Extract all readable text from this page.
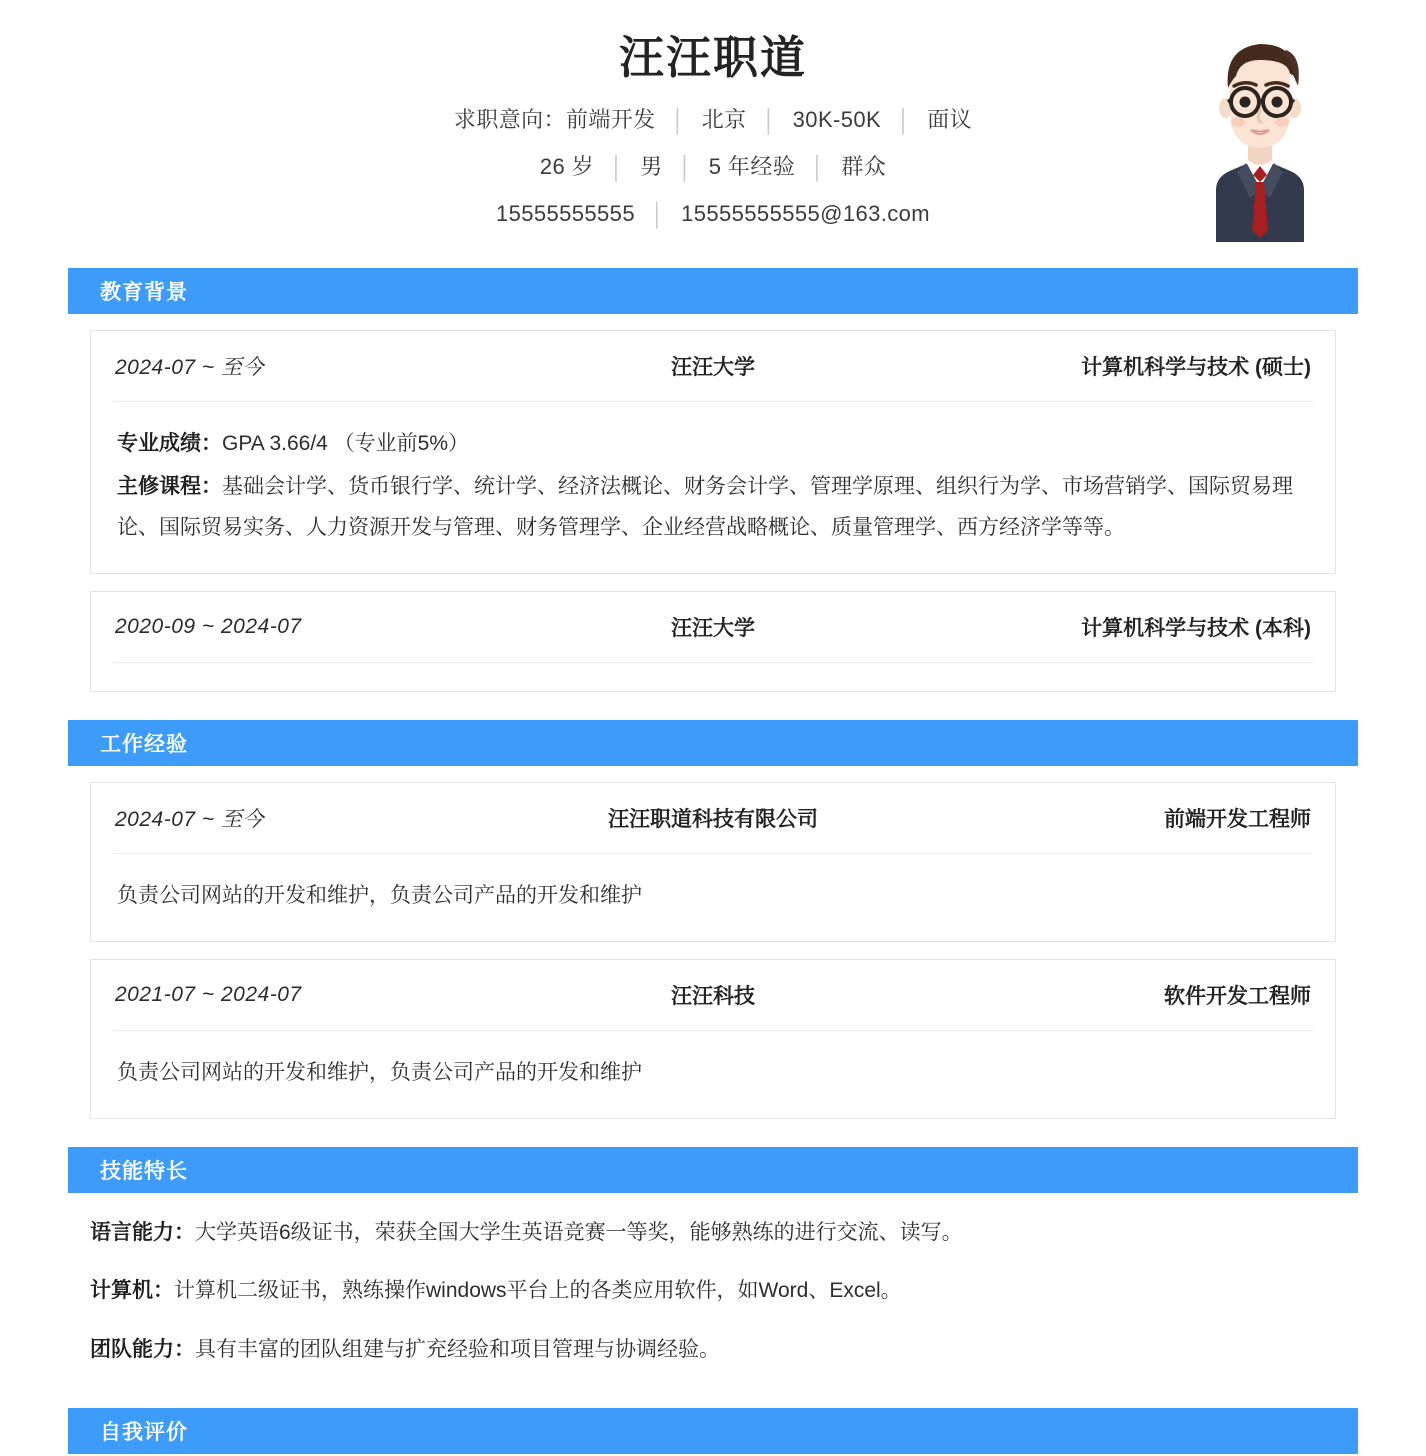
汪汪职道
求职意向：前端开发 │ 北京 │ 30K-50K │ 面议
26 岁 │ 男 │ 5 年经验 │ 群众
15555555555 │ 15555555555@163.com
教育背景
2024-07 ~ 至今	汪汪大学	计算机科学与技术 (硕士)

专业成绩：GPA 3.66/4 （专业前5%）

主修课程：基础会计学、货币银行学、统计学、经济法概论、财务会计学、管理学原理、组织行为学、市场营销学、国际贸易理论、国际贸易实务、人力资源开发与管理、财务管理学、企业经营战略概论、质量管理学、西方经济学等等。

2020-09 ~ 2024-07	汪汪大学	计算机科学与技术 (本科)

工作经验
2024-07 ~ 至今	汪汪职道科技有限公司	前端开发工程师

负责公司网站的开发和维护，负责公司产品的开发和维护

2021-07 ~ 2024-07	汪汪科技	软件开发工程师

负责公司网站的开发和维护，负责公司产品的开发和维护

技能特长
语言能力：大学英语6级证书，荣获全国大学生英语竞赛一等奖，能够熟练的进行交流、读写。
计算机：计算机二级证书，熟练操作windows平台上的各类应用软件，如Word、Excel。
团队能力：具有丰富的团队组建与扩充经验和项目管理与协调经验。
自我评价
